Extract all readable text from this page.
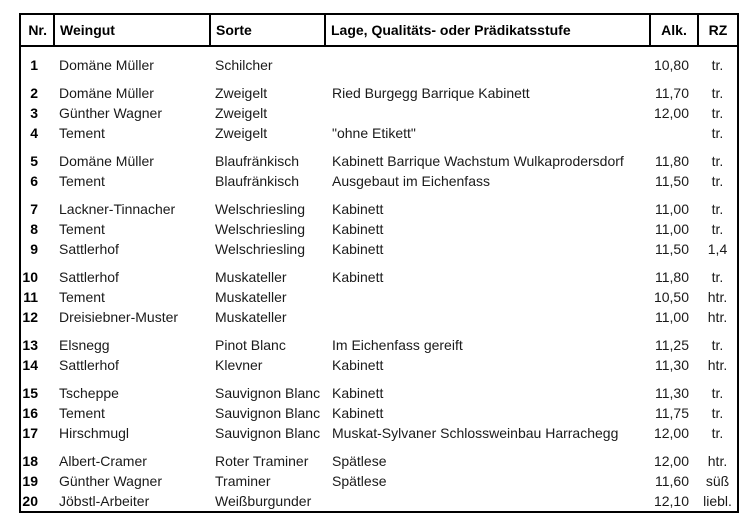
Nr.	Weingut	Sorte	Lage, Qualitäts- oder Prädikatsstufe	Alk.	RZ

1	Domäne Müller	Schilcher		10,80	tr.

2	Domäne Müller	Zweigelt	Ried Burgegg Barrique Kabinett	11,70	tr.
3	Günther Wagner	Zweigelt		12,00	tr.
4	Tement	Zweigelt	"ohne Etikett"		tr.

5	Domäne Müller	Blaufränkisch	Kabinett Barrique Wachstum Wulkaprodersdorf	11,80	tr.
6	Tement	Blaufränkisch	Ausgebaut im Eichenfass	11,50	tr.

7	Lackner-Tinnacher	Welschriesling	Kabinett	11,00	tr.
8	Tement	Welschriesling	Kabinett	11,00	tr.
9	Sattlerhof	Welschriesling	Kabinett	11,50	1,4

10	Sattlerhof	Muskateller	Kabinett	11,80	tr.
11	Tement	Muskateller		10,50	htr.
12	Dreisiebner-Muster	Muskateller		11,00	htr.

13	Elsnegg	Pinot Blanc	Im Eichenfass gereift	11,25	tr.
14	Sattlerhof	Klevner	Kabinett	11,30	htr.

15	Tscheppe	Sauvignon Blanc	Kabinett	11,30	tr.
16	Tement	Sauvignon Blanc	Kabinett	11,75	tr.
17	Hirschmugl	Sauvignon Blanc	Muskat-Sylvaner Schlossweinbau Harrachegg	12,00	tr.

18	Albert-Cramer	Roter Traminer	Spätlese	12,00	htr.
19	Günther Wagner	Traminer	Spätlese	11,60	süß
20	Jöbstl-Arbeiter	Weißburgunder		12,10	liebl.
